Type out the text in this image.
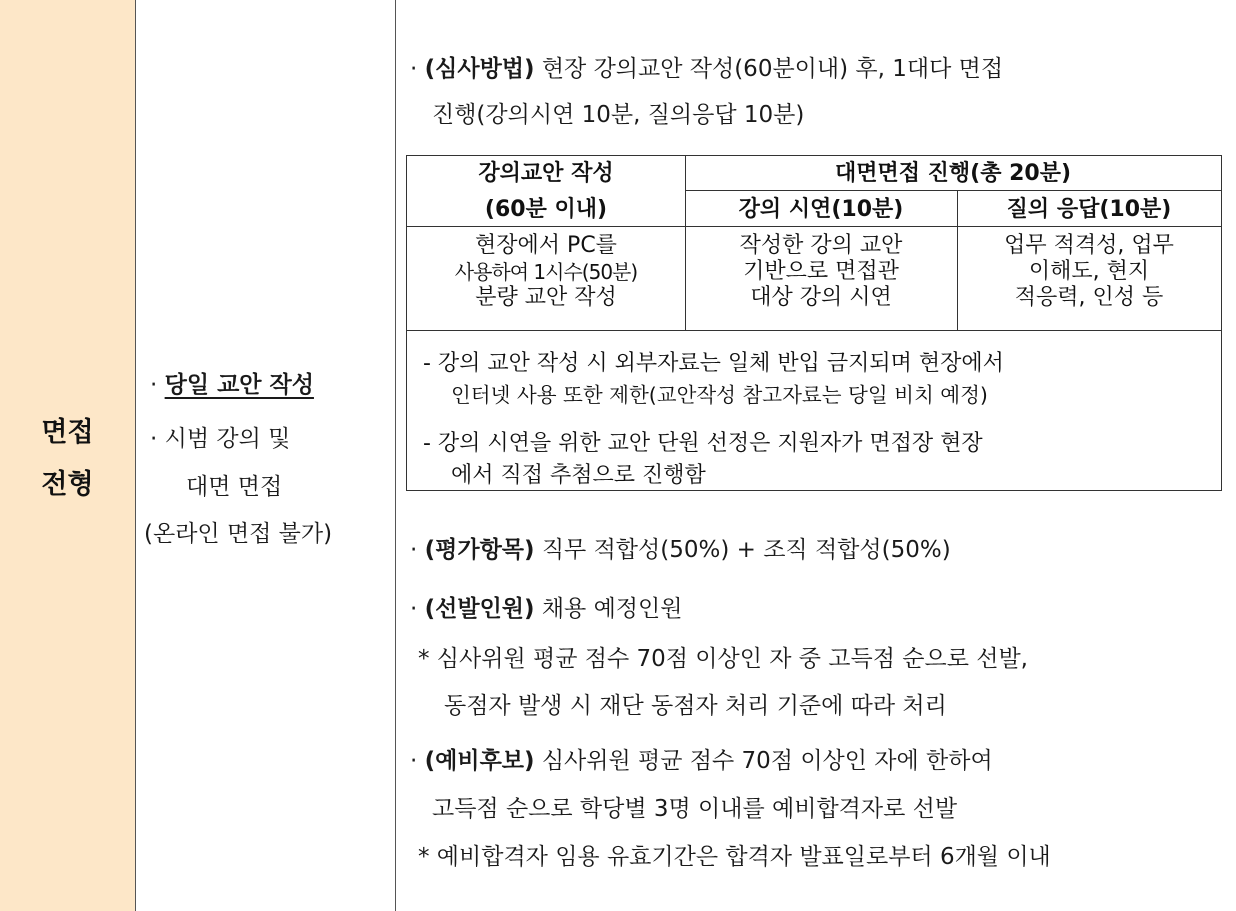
면접
전형
· 당일 교안 작성
· 시범 강의 및
대면 면접
(온라인 면접 불가)
· (심사방법) 현장 강의교안 작성(60분이내) 후, 1대다 면접
진행(강의시연 10분, 질의응답 10분)
강의교안 작성
(60분 이내)
대면면접 진행(총 20분)
강의 시연(10분)	질의 응답(10분)
현장에서 PC를
사용하여 1시수(50분)
분량 교안 작성
작성한 강의 교안
기반으로 면접관
대상 강의 시연
업무 적격성, 업무
이해도, 현지
적응력, 인성 등
- 강의 교안 작성 시 외부자료는 일체 반입 금지되며 현장에서
인터넷 사용 또한 제한(교안작성 참고자료는 당일 비치 예정)
- 강의 시연을 위한 교안 단원 선정은 지원자가 면접장 현장
에서 직접 추첨으로 진행함
· (평가항목) 직무 적합성(50%) + 조직 적합성(50%)
· (선발인원) 채용 예정인원
* 심사위원 평균 점수 70점 이상인 자 중 고득점 순으로 선발,
동점자 발생 시 재단 동점자 처리 기준에 따라 처리
· (예비후보) 심사위원 평균 점수 70점 이상인 자에 한하여
고득점 순으로 학당별 3명 이내를 예비합격자로 선발
* 예비합격자 임용 유효기간은 합격자 발표일로부터 6개월 이내
